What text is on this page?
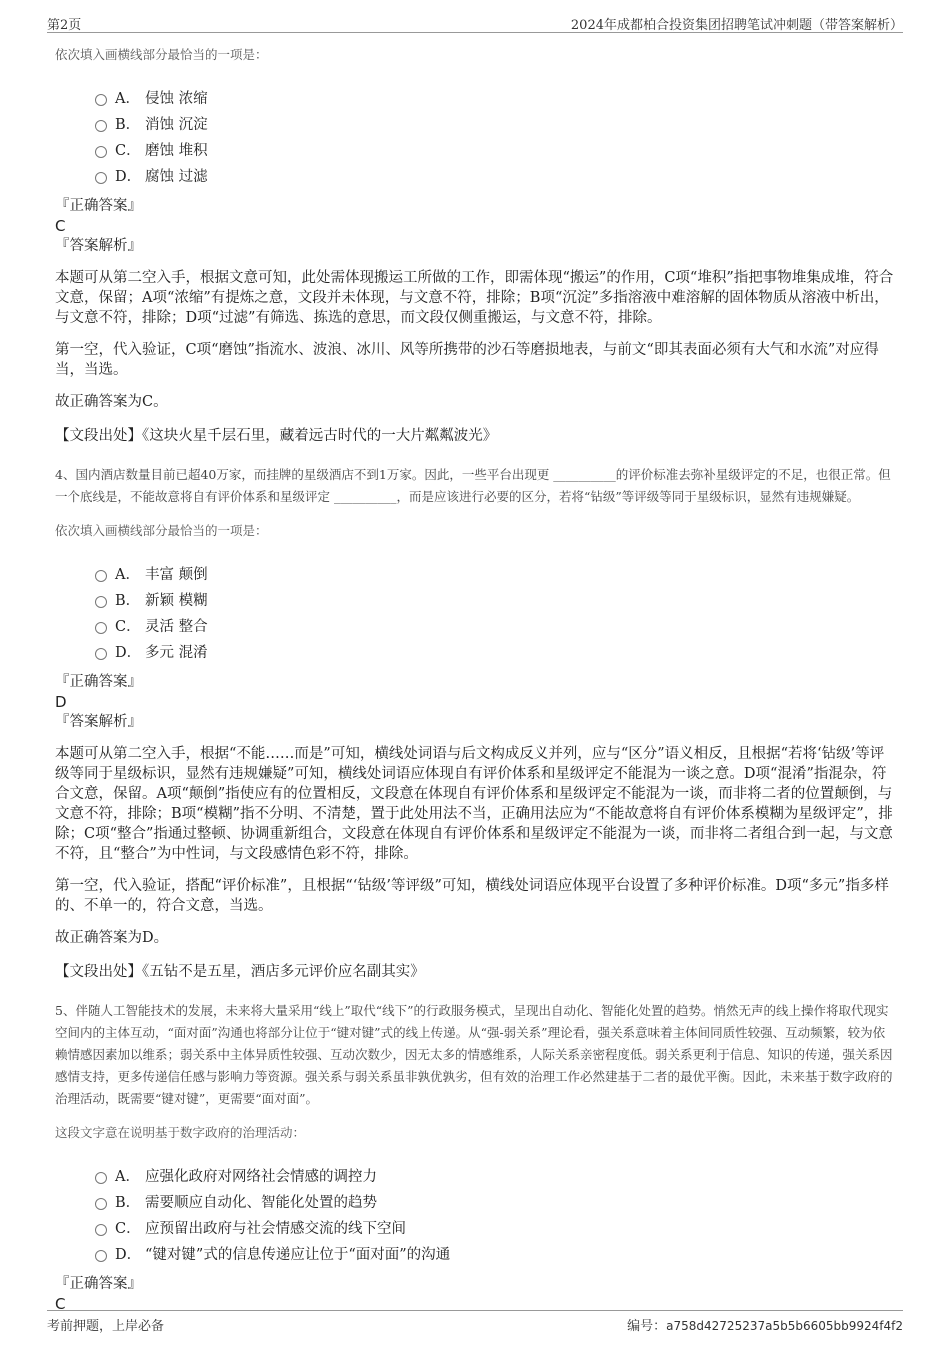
第2页	2024年成都柏合投资集团招聘笔试冲刺题（带答案解析）

依次填入画横线部分最恰当的一项是：

A． 侵蚀 浓缩
B． 消蚀 沉淀
C． 磨蚀 堆积
D． 腐蚀 过滤

『正确答案』

C

『答案解析』

本题可从第二空入手，根据文意可知，此处需体现搬运工所做的工作，即需体现“搬运”的作用，C项“堆积”指把事物堆集成堆，符合文意，保留；A项“浓缩”有提炼之意，文段并未体现，与文意不符，排除；B项“沉淀”多指溶液中难溶解的固体物质从溶液中析出，与文意不符，排除；D项“过滤”有筛选、拣选的意思，而文段仅侧重搬运，与文意不符，排除。

第一空，代入验证，C项“磨蚀”指流水、波浪、冰川、风等所携带的沙石等磨损地表，与前文“即其表面必须有大气和水流”对应得当，当选。

故正确答案为C。

【文段出处】《这块火星千层石里，藏着远古时代的一大片粼粼波光》

4、国内酒店数量目前已超40万家，而挂牌的星级酒店不到1万家。因此，一些平台出现更 __________的评价标准去弥补星级评定的不足，也很正常。但一个底线是，不能故意将自有评价体系和星级评定 __________，而是应该进行必要的区分，若将“钻级”等评级等同于星级标识，显然有违规嫌疑。

依次填入画横线部分最恰当的一项是：

A． 丰富 颠倒
B． 新颖 模糊
C． 灵活 整合
D． 多元 混淆

『正确答案』

D

『答案解析』

本题可从第二空入手，根据“不能……而是”可知，横线处词语与后文构成反义并列，应与“区分”语义相反，且根据“若将‘钻级’等评级等同于星级标识，显然有违规嫌疑”可知，横线处词语应体现自有评价体系和星级评定不能混为一谈之意。D项“混淆”指混杂，符合文意，保留。A项“颠倒”指使应有的位置相反，文段意在体现自有评价体系和星级评定不能混为一谈，而非将二者的位置颠倒，与文意不符，排除；B项“模糊”指不分明、不清楚，置于此处用法不当，正确用法应为“不能故意将自有评价体系模糊为星级评定”，排除；C项“整合”指通过整顿、协调重新组合，文段意在体现自有评价体系和星级评定不能混为一谈，而非将二者组合到一起，与文意不符，且“整合”为中性词，与文段感情色彩不符，排除。

第一空，代入验证，搭配“评价标准”，且根据“‘钻级’等评级”可知，横线处词语应体现平台设置了多种评价标准。D项“多元”指多样的、不单一的，符合文意，当选。

故正确答案为D。

【文段出处】《五钻不是五星，酒店多元评价应名副其实》

5、伴随人工智能技术的发展，未来将大量采用“线上”取代“线下”的行政服务模式，呈现出自动化、智能化处置的趋势。悄然无声的线上操作将取代现实空间内的主体互动，“面对面”沟通也将部分让位于“键对键”式的线上传递。从“强-弱关系”理论看，强关系意味着主体间同质性较强、互动频繁，较为依赖情感因素加以维系；弱关系中主体异质性较强、互动次数少，因无太多的情感维系，人际关系亲密程度低。弱关系更利于信息、知识的传递，强关系因感情支持，更多传递信任感与影响力等资源。强关系与弱关系虽非孰优孰劣，但有效的治理工作必然建基于二者的最优平衡。因此，未来基于数字政府的治理活动，既需要“键对键”，更需要“面对面”。

这段文字意在说明基于数字政府的治理活动：

A． 应强化政府对网络社会情感的调控力
B． 需要顺应自动化、智能化处置的趋势
C． 应预留出政府与社会情感交流的线下空间
D． “键对键”式的信息传递应让位于“面对面”的沟通

『正确答案』

C

考前押题，上岸必备	编号：a758d42725237a5b5b6605bb9924f4f2
